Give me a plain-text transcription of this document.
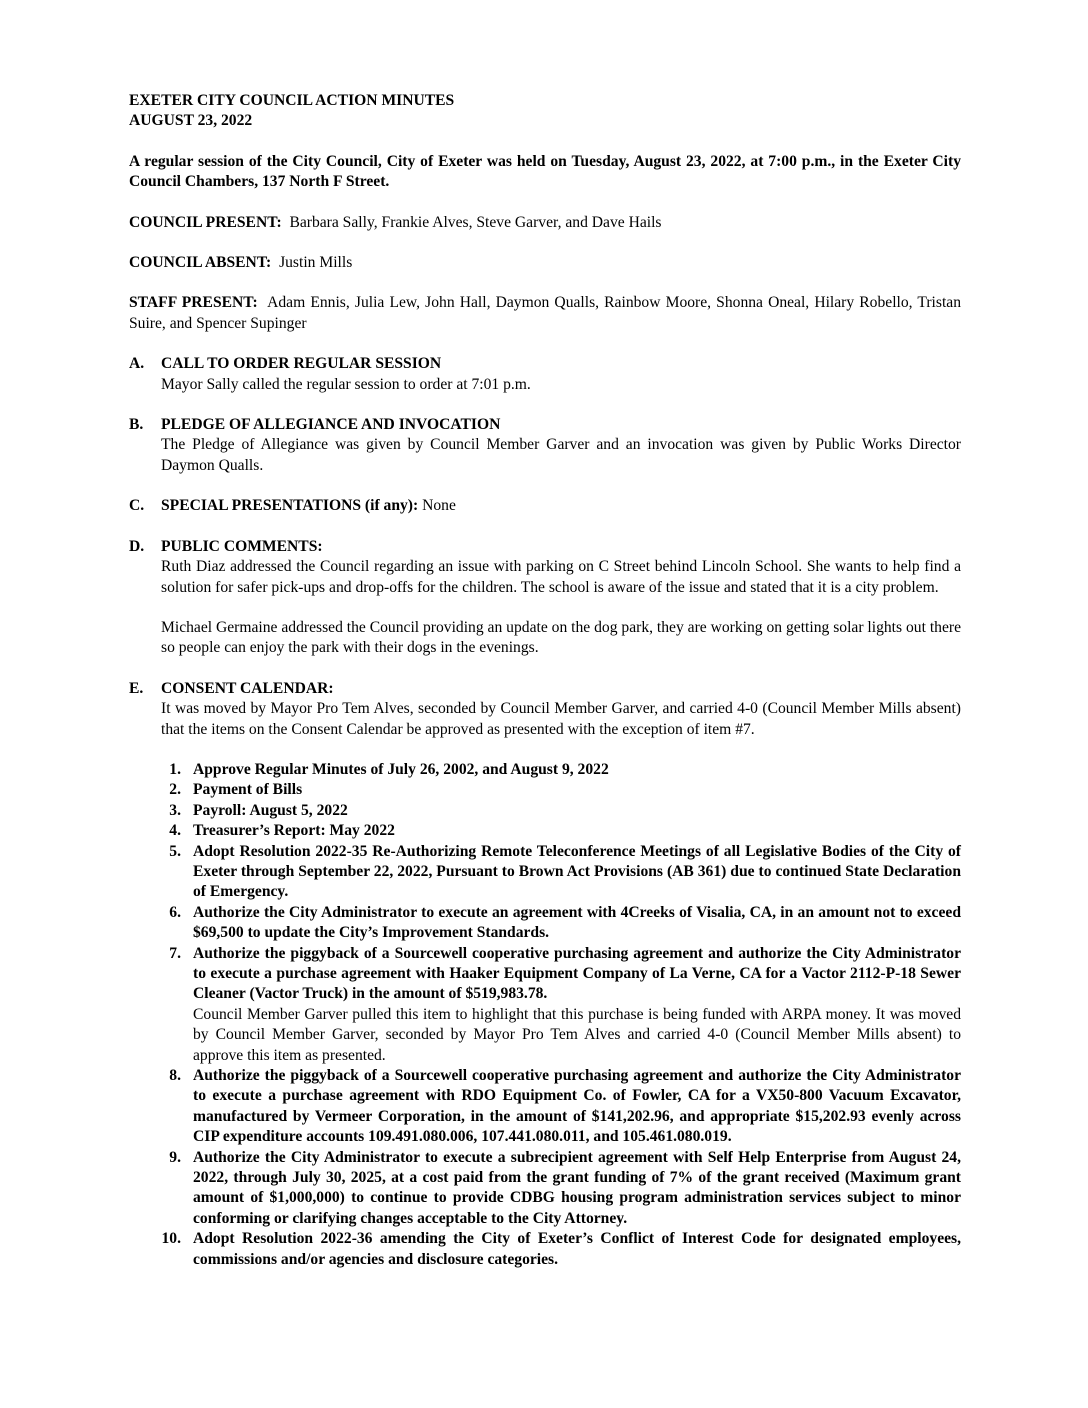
EXETER CITY COUNCIL ACTION MINUTES
AUGUST 23, 2022
A regular session of the City Council, City of Exeter was held on Tuesday, August 23, 2022, at 7:00 p.m., in the Exeter City Council Chambers, 137 North F Street.
COUNCIL PRESENT: Barbara Sally, Frankie Alves, Steve Garver, and Dave Hails
COUNCIL ABSENT: Justin Mills
STAFF PRESENT: Adam Ennis, Julia Lew, John Hall, Daymon Qualls, Rainbow Moore, Shonna Oneal, Hilary Robello, Tristan Suire, and Spencer Supinger
A. CALL TO ORDER REGULAR SESSION
Mayor Sally called the regular session to order at 7:01 p.m.
B. PLEDGE OF ALLEGIANCE AND INVOCATION
The Pledge of Allegiance was given by Council Member Garver and an invocation was given by Public Works Director Daymon Qualls.
C. SPECIAL PRESENTATIONS (if any): None
D. PUBLIC COMMENTS:
Ruth Diaz addressed the Council regarding an issue with parking on C Street behind Lincoln School. She wants to help find a solution for safer pick-ups and drop-offs for the children. The school is aware of the issue and stated that it is a city problem.
Michael Germaine addressed the Council providing an update on the dog park, they are working on getting solar lights out there so people can enjoy the park with their dogs in the evenings.
E. CONSENT CALENDAR:
It was moved by Mayor Pro Tem Alves, seconded by Council Member Garver, and carried 4-0 (Council Member Mills absent) that the items on the Consent Calendar be approved as presented with the exception of item #7.
1. Approve Regular Minutes of July 26, 2002, and August 9, 2022
2. Payment of Bills
3. Payroll: August 5, 2022
4. Treasurer’s Report: May 2022
5. Adopt Resolution 2022-35 Re-Authorizing Remote Teleconference Meetings of all Legislative Bodies of the City of Exeter through September 22, 2022, Pursuant to Brown Act Provisions (AB 361) due to continued State Declaration of Emergency.
6. Authorize the City Administrator to execute an agreement with 4Creeks of Visalia, CA, in an amount not to exceed $69,500 to update the City’s Improvement Standards.
7. Authorize the piggyback of a Sourcewell cooperative purchasing agreement and authorize the City Administrator to execute a purchase agreement with Haaker Equipment Company of La Verne, CA for a Vactor 2112-P-18 Sewer Cleaner (Vactor Truck) in the amount of $519,983.78.
Council Member Garver pulled this item to highlight that this purchase is being funded with ARPA money. It was moved by Council Member Garver, seconded by Mayor Pro Tem Alves and carried 4-0 (Council Member Mills absent) to approve this item as presented.
8. Authorize the piggyback of a Sourcewell cooperative purchasing agreement and authorize the City Administrator to execute a purchase agreement with RDO Equipment Co. of Fowler, CA for a VX50-800 Vacuum Excavator, manufactured by Vermeer Corporation, in the amount of $141,202.96, and appropriate $15,202.93 evenly across CIP expenditure accounts 109.491.080.006, 107.441.080.011, and 105.461.080.019.
9. Authorize the City Administrator to execute a subrecipient agreement with Self Help Enterprise from August 24, 2022, through July 30, 2025, at a cost paid from the grant funding of 7% of the grant received (Maximum grant amount of $1,000,000) to continue to provide CDBG housing program administration services subject to minor conforming or clarifying changes acceptable to the City Attorney.
10. Adopt Resolution 2022-36 amending the City of Exeter’s Conflict of Interest Code for designated employees, commissions and/or agencies and disclosure categories.
